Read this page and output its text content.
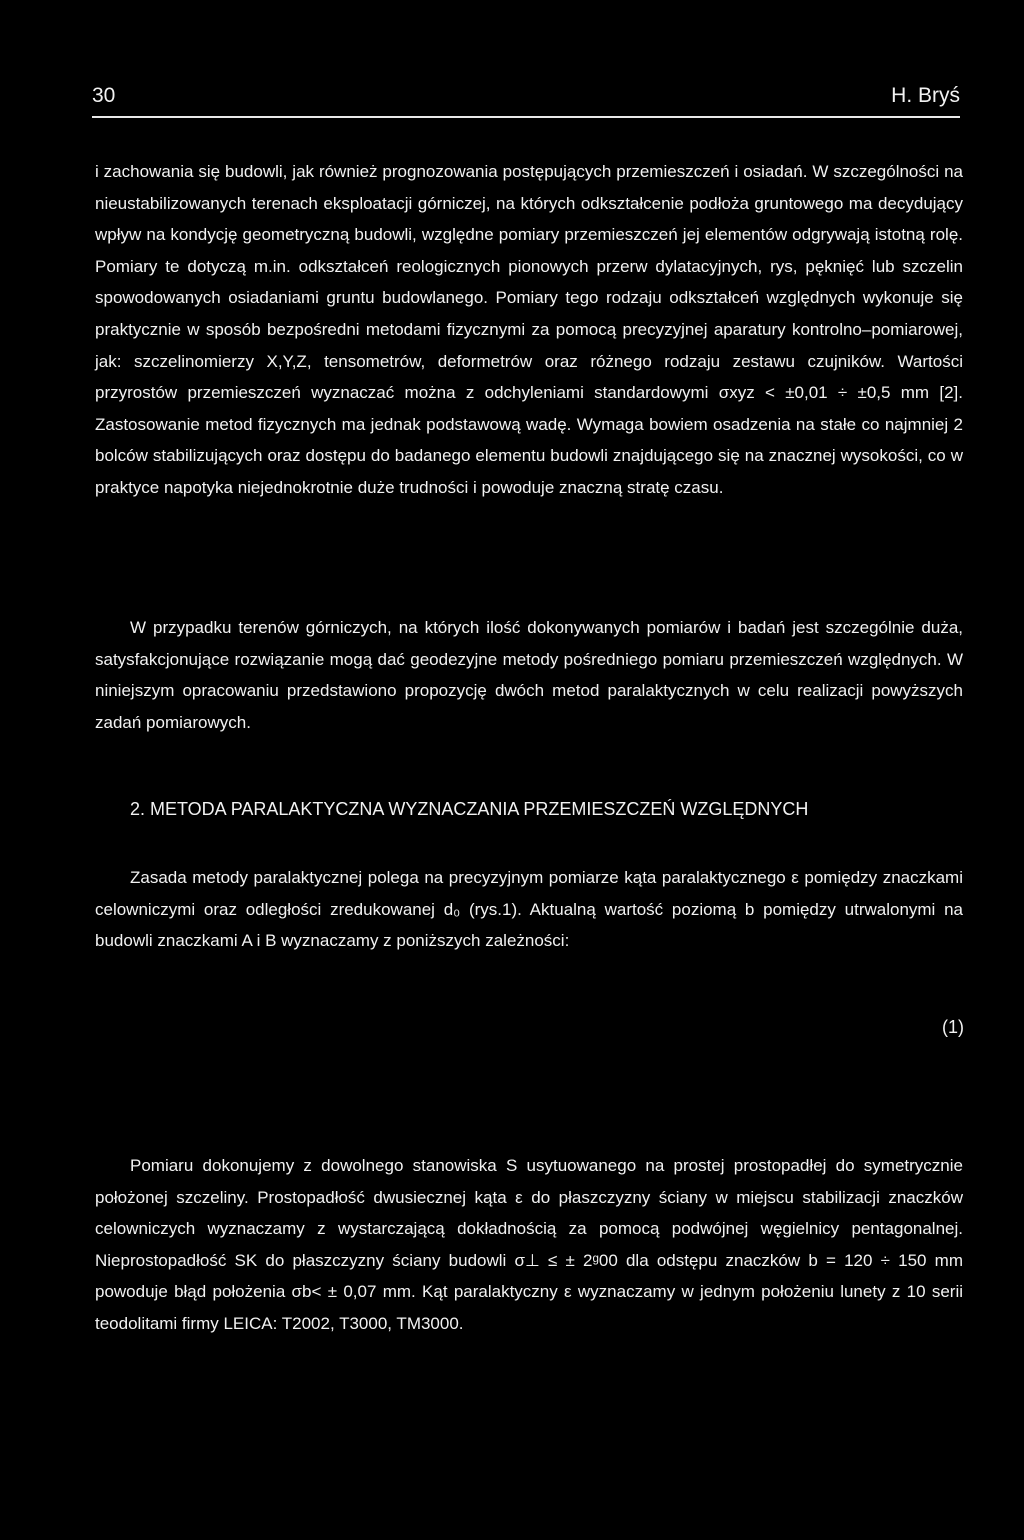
30	H. Bryś

i zachowania się budowli, jak również prognozowania postępujących przemieszczeń i osiadań. W szczególności na nieustabilizowanych terenach eksploatacji górniczej, na których odkształcenie podłoża gruntowego ma decydujący wpływ na kondycję geometryczną budowli, względne pomiary przemieszczeń jej elementów odgrywają istotną rolę. Pomiary te dotyczą m.in. odkształceń reologicznych pionowych przerw dylatacyjnych, rys, pęknięć lub szczelin spowodowanych osiadaniami gruntu budowlanego. Pomiary tego rodzaju odkształceń względnych wykonuje się praktycznie w sposób bezpośredni metodami fizycznymi za pomocą precyzyjnej aparatury kontrolno–pomiarowej, jak: szczelinomierzy X,Y,Z, tensometrów, deformetrów oraz różnego rodzaju zestawu czujników. Wartości przyrostów przemieszczeń wyznaczać można z odchyleniami standardowymi σxyz < ±0,01 ÷ ±0,5 mm [2]. Zastosowanie metod fizycznych ma jednak podstawową wadę. Wymaga bowiem osadzenia na stałe co najmniej 2 bolców stabilizujących oraz dostępu do badanego elementu budowli znajdującego się na znacznej wysokości, co w praktyce napotyka niejednokrotnie duże trudności i powoduje znaczną stratę czasu.

W przypadku terenów górniczych, na których ilość dokonywanych pomiarów i badań jest szczególnie duża, satysfakcjonujące rozwiązanie mogą dać geodezyjne metody pośredniego pomiaru przemieszczeń względnych. W niniejszym opracowaniu przedstawiono propozycję dwóch metod paralaktycznych w celu realizacji powyższych zadań pomiarowych.

2. METODA PARALAKTYCZNA WYZNACZANIA PRZEMIESZCZEŃ WZGLĘDNYCH

Zasada metody paralaktycznej polega na precyzyjnym pomiarze kąta paralaktycznego ε pomiędzy znaczkami celowniczymi oraz odległości zredukowanej d₀ (rys.1). Aktualną wartość poziomą b pomiędzy utrwalonymi na budowli znaczkami A i B wyznaczamy z poniższych zależności:

(1)

Pomiaru dokonujemy z dowolnego stanowiska S usytuowanego na prostej prostopadłej do symetrycznie położonej szczeliny. Prostopadłość dwusiecznej kąta ε do płaszczyzny ściany w miejscu stabilizacji znaczków celowniczych wyznaczamy z wystarczającą dokładnością za pomocą podwójnej węgielnicy pentagonalnej. Nieprostopadłość SK do płaszczyzny ściany budowli σ⊥ ≤ ± 2ᵍ00 dla odstępu znaczków b = 120 ÷ 150 mm powoduje błąd położenia σb< ± 0,07 mm. Kąt paralaktyczny ε wyznaczamy w jednym położeniu lunety z 10 serii teodolitami firmy LEICA: T2002, T3000, TM3000.
